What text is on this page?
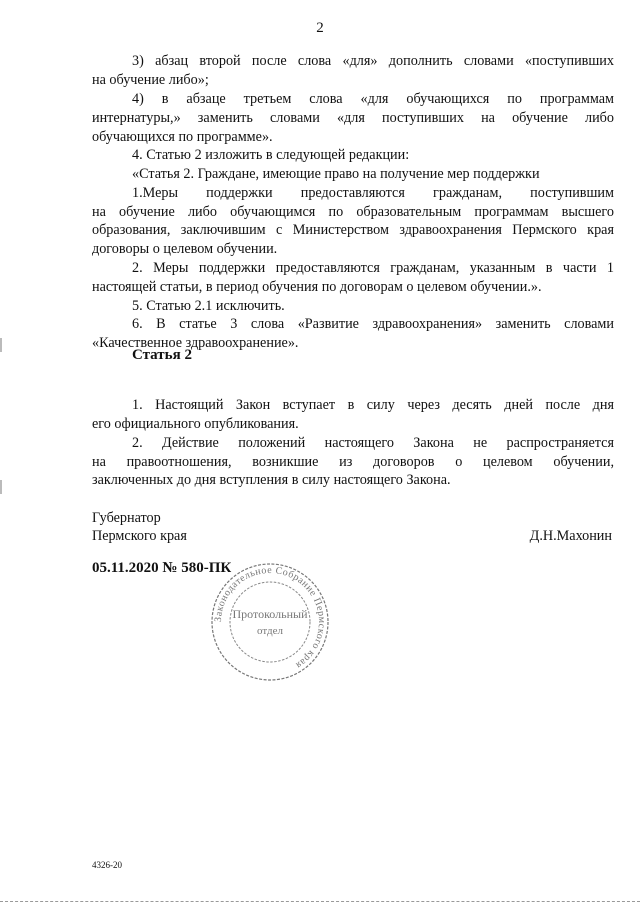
2
3) абзац второй после слова «для» дополнить словами «поступивших
на обучение либо»;
4) в абзаце третьем слова «для обучающихся по программам
интернатуры,» заменить словами «для поступивших на обучение либо
обучающихся по программе».
4. Статью 2 изложить в следующей редакции:
«Статья 2. Граждане, имеющие право на получение мер поддержки
1.Меры поддержки предоставляются гражданам, поступившим
на обучение либо обучающимся по образовательным программам высшего
образования, заключившим с Министерством здравоохранения Пермского края
договоры о целевом обучении.
2. Меры поддержки предоставляются гражданам, указанным в части 1
настоящей статьи, в период обучения по договорам о целевом обучении.».
5. Статью 2.1 исключить.
6. В статье 3 слова «Развитие здравоохранения» заменить словами
«Качественное здравоохранение».
1. Настоящий Закон вступает в силу через десять дней после дня
его официального опубликования.
2. Действие положений настоящего Закона не распространяется
на правоотношения, возникшие из договоров о целевом обучении,
заключенных до дня вступления в силу настоящего Закона.
Статья 2
Губернатор
Пермского края	Д.Н.Махонин
05.11.2020 № 580-ПК
Законодательное Собрание Пермского края
Протокольный
отдел
4326-20
